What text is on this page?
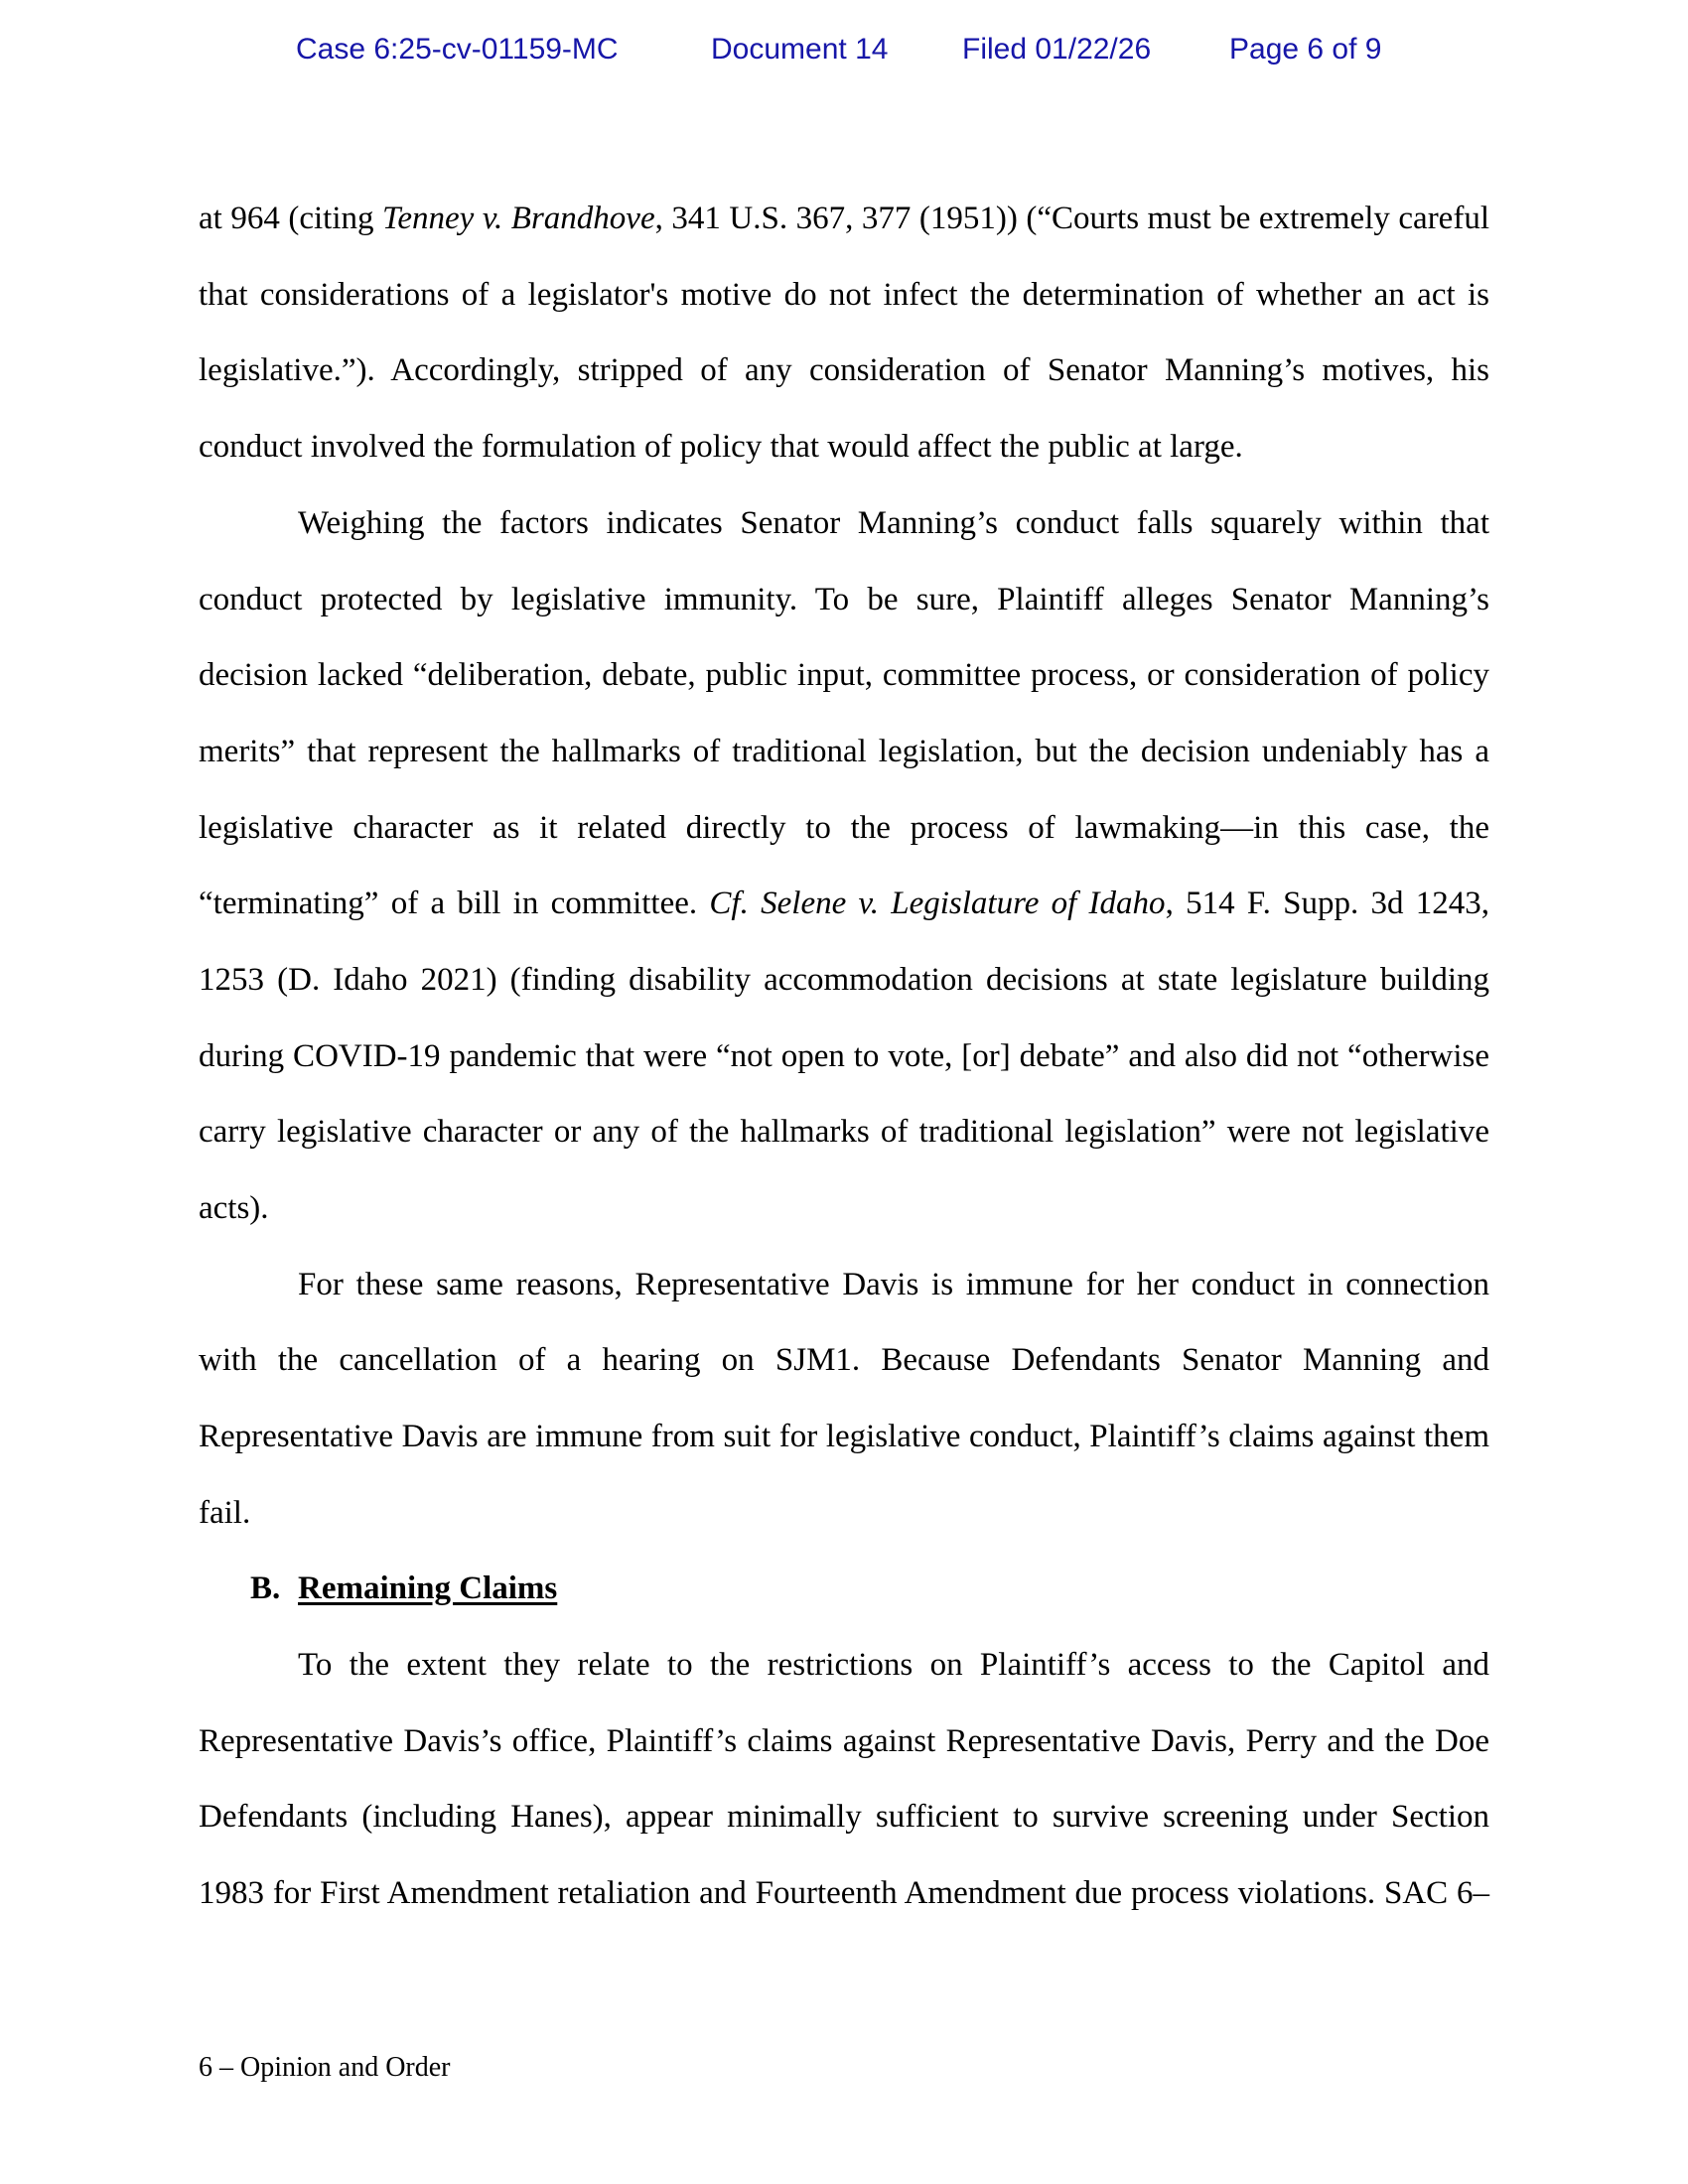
Case 6:25-cv-01159-MC	Document 14 Filed 01/22/26	Page 6 of 9
at 964 (citing Tenney v. Brandhove, 341 U.S. 367, 377 (1951)) (“Courts must be extremely careful
that considerations of a legislator's motive do not infect the determination of whether an act is
legislative.”). Accordingly, stripped of any consideration of Senator Manning’s motives, his
conduct involved the formulation of policy that would affect the public at large.
Weighing the factors indicates Senator Manning’s conduct falls squarely within that
conduct protected by legislative immunity. To be sure, Plaintiff alleges Senator Manning’s
decision lacked “deliberation, debate, public input, committee process, or consideration of policy
merits” that represent the hallmarks of traditional legislation, but the decision undeniably has a
legislative character as it related directly to the process of lawmaking—in this case, the
“terminating” of a bill in committee. Cf. Selene v. Legislature of Idaho, 514 F. Supp. 3d 1243,
1253 (D. Idaho 2021) (finding disability accommodation decisions at state legislature building
during COVID-19 pandemic that were “not open to vote, [or] debate” and also did not “otherwise
carry legislative character or any of the hallmarks of traditional legislation” were not legislative
acts).
For these same reasons, Representative Davis is immune for her conduct in connection
with the cancellation of a hearing on SJM1. Because Defendants Senator Manning and
Representative Davis are immune from suit for legislative conduct, Plaintiff’s claims against them
fail.
B. Remaining Claims
To the extent they relate to the restrictions on Plaintiff’s access to the Capitol and
Representative Davis’s office, Plaintiff’s claims against Representative Davis, Perry and the Doe
Defendants (including Hanes), appear minimally sufficient to survive screening under Section
1983 for First Amendment retaliation and Fourteenth Amendment due process violations. SAC 6–
6 – Opinion and Order
